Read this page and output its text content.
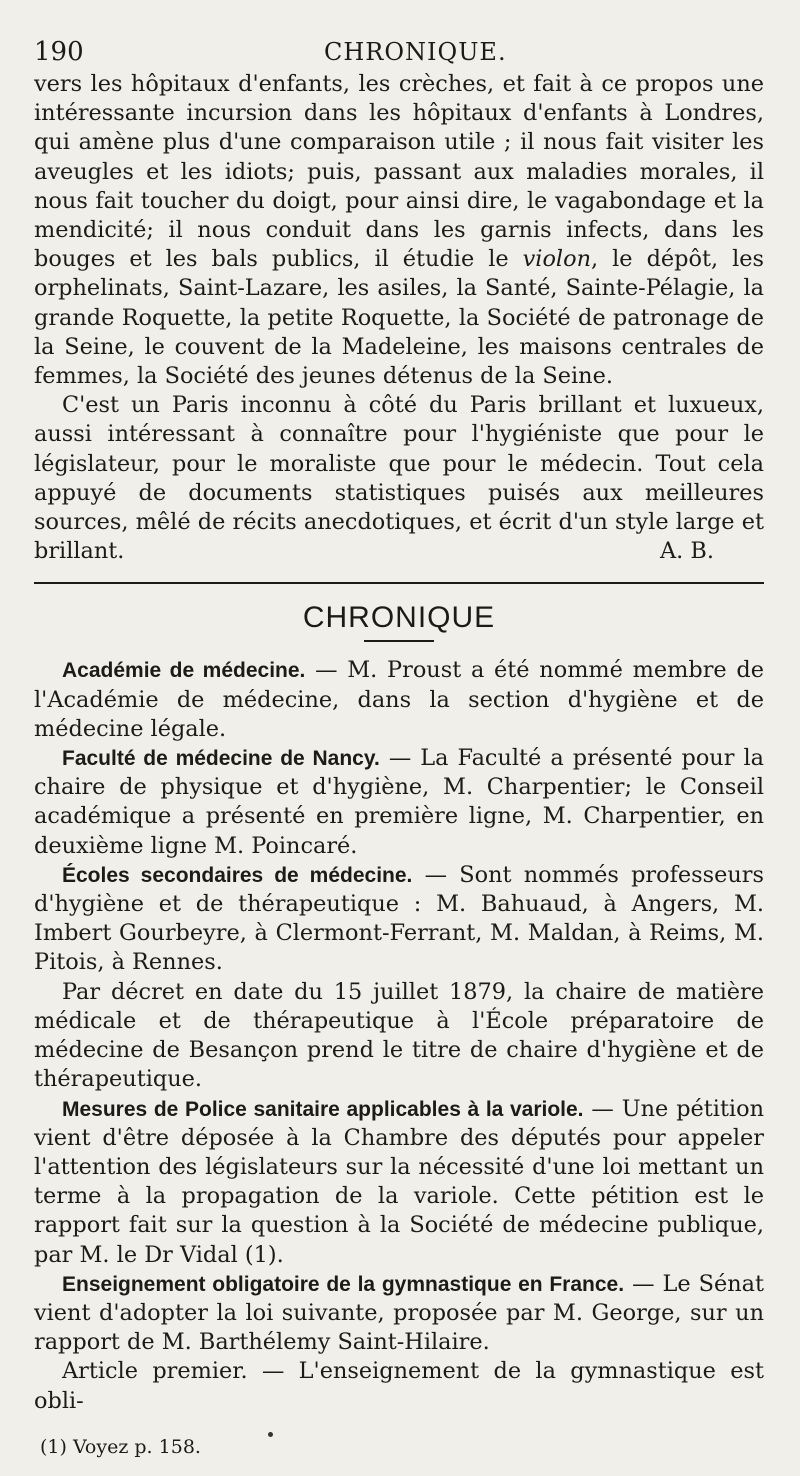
190	CHRONIQUE.

vers les hôpitaux d'enfants, les crèches, et fait à ce propos une intéressante incursion dans les hôpitaux d'enfants à Londres, qui amène plus d'une comparaison utile ; il nous fait visiter les aveugles et les idiots; puis, passant aux maladies morales, il nous fait toucher du doigt, pour ainsi dire, le vagabondage et la mendicité; il nous conduit dans les garnis infects, dans les bouges et les bals publics, il étudie le violon, le dépôt, les orphelinats, Saint-Lazare, les asiles, la Santé, Sainte-Pélagie, la grande Roquette, la petite Roquette, la Société de patronage de la Seine, le couvent de la Madeleine, les maisons centrales de femmes, la Société des jeunes détenus de la Seine.

C'est un Paris inconnu à côté du Paris brillant et luxueux, aussi intéressant à connaître pour l'hygiéniste que pour le législateur, pour le moraliste que pour le médecin. Tout cela appuyé de documents statistiques puisés aux meilleures sources, mêlé de récits anecdotiques, et écrit d'un style large et brillant.	A. B.

CHRONIQUE

Académie de médecine. — M. Proust a été nommé membre de l'Académie de médecine, dans la section d'hygiène et de médecine légale.

Faculté de médecine de Nancy. — La Faculté a présenté pour la chaire de physique et d'hygiène, M. Charpentier; le Conseil académique a présenté en première ligne, M. Charpentier, en deuxième ligne M. Poincaré.

Écoles secondaires de médecine. — Sont nommés professeurs d'hygiène et de thérapeutique : M. Bahuaud, à Angers, M. Imbert Gourbeyre, à Clermont-Ferrant, M. Maldan, à Reims, M. Pitois, à Rennes.

Par décret en date du 15 juillet 1879, la chaire de matière médicale et de thérapeutique à l'École préparatoire de médecine de Besançon prend le titre de chaire d'hygiène et de thérapeutique.

Mesures de Police sanitaire applicables à la variole. — Une pétition vient d'être déposée à la Chambre des députés pour appeler l'attention des législateurs sur la nécessité d'une loi mettant un terme à la propagation de la variole. Cette pétition est le rapport fait sur la question à la Société de médecine publique, par M. le Dr Vidal (1).

Enseignement obligatoire de la gymnastique en France. — Le Sénat vient d'adopter la loi suivante, proposée par M. George, sur un rapport de M. Barthélemy Saint-Hilaire.

Article premier. — L'enseignement de la gymnastique est obli-

(1) Voyez p. 158.
